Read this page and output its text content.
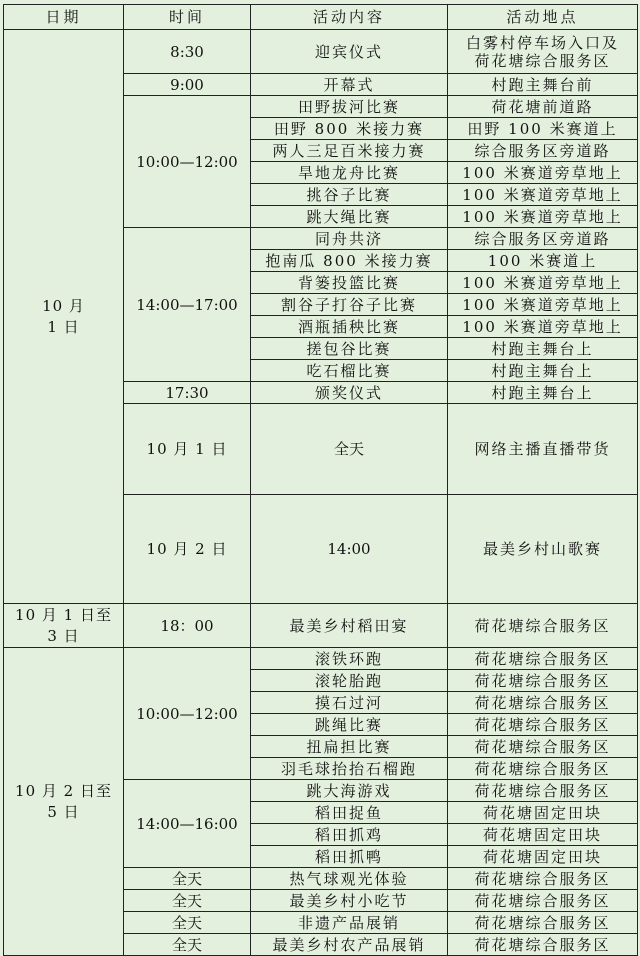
日期	时间	活动内容	活动地点	
10 月
1 日	8:30	迎宾仪式	白雾村停车场入口及
荷花塘综合服务区	
	9:00	开幕式	村跑主舞台前	
	10:00—12:00	田野拔河比赛	荷花塘前道路	
		田野 800 米接力赛	田野 100 米赛道上	
		两人三足百米接力赛	综合服务区旁道路	
		旱地龙舟比赛	100 米赛道旁草地上	
		挑谷子比赛	100 米赛道旁草地上	
		跳大绳比赛	100 米赛道旁草地上	
	14:00—17:00	同舟共济	综合服务区旁道路	
		抱南瓜 800 米接力赛	100 米赛道上	
		背篓投篮比赛	100 米赛道旁草地上	
		割谷子打谷子比赛	100 米赛道旁草地上	
		酒瓶插秧比赛	100 米赛道旁草地上	
		搓包谷比赛	村跑主舞台上	
		吃石榴比赛	村跑主舞台上	
	17:30	颁奖仪式	村跑主舞台上	
	10 月 1 日	全天	网络主播直播带货	
	10 月 2 日	14:00	最美乡村山歌赛	
10 月 1 日至
3 日	18：00	最美乡村稻田宴	荷花塘综合服务区	
10 月 2 日至
5 日	10:00—12:00	滚铁环跑	荷花塘综合服务区	
		滚轮胎跑	荷花塘综合服务区	
		摸石过河	荷花塘综合服务区	
		跳绳比赛	荷花塘综合服务区	
		扭扁担比赛	荷花塘综合服务区	
		羽毛球抬抬石榴跑	荷花塘综合服务区	
	14:00—16:00	跳大海游戏	荷花塘综合服务区	
		稻田捉鱼	荷花塘固定田块	
		稻田抓鸡	荷花塘固定田块	
		稻田抓鸭	荷花塘固定田块	
	全天	热气球观光体验	荷花塘综合服务区	
	全天	最美乡村小吃节	荷花塘综合服务区	
	全天	非遗产品展销	荷花塘综合服务区	
	全天	最美乡村农产品展销	荷花塘综合服务区	
